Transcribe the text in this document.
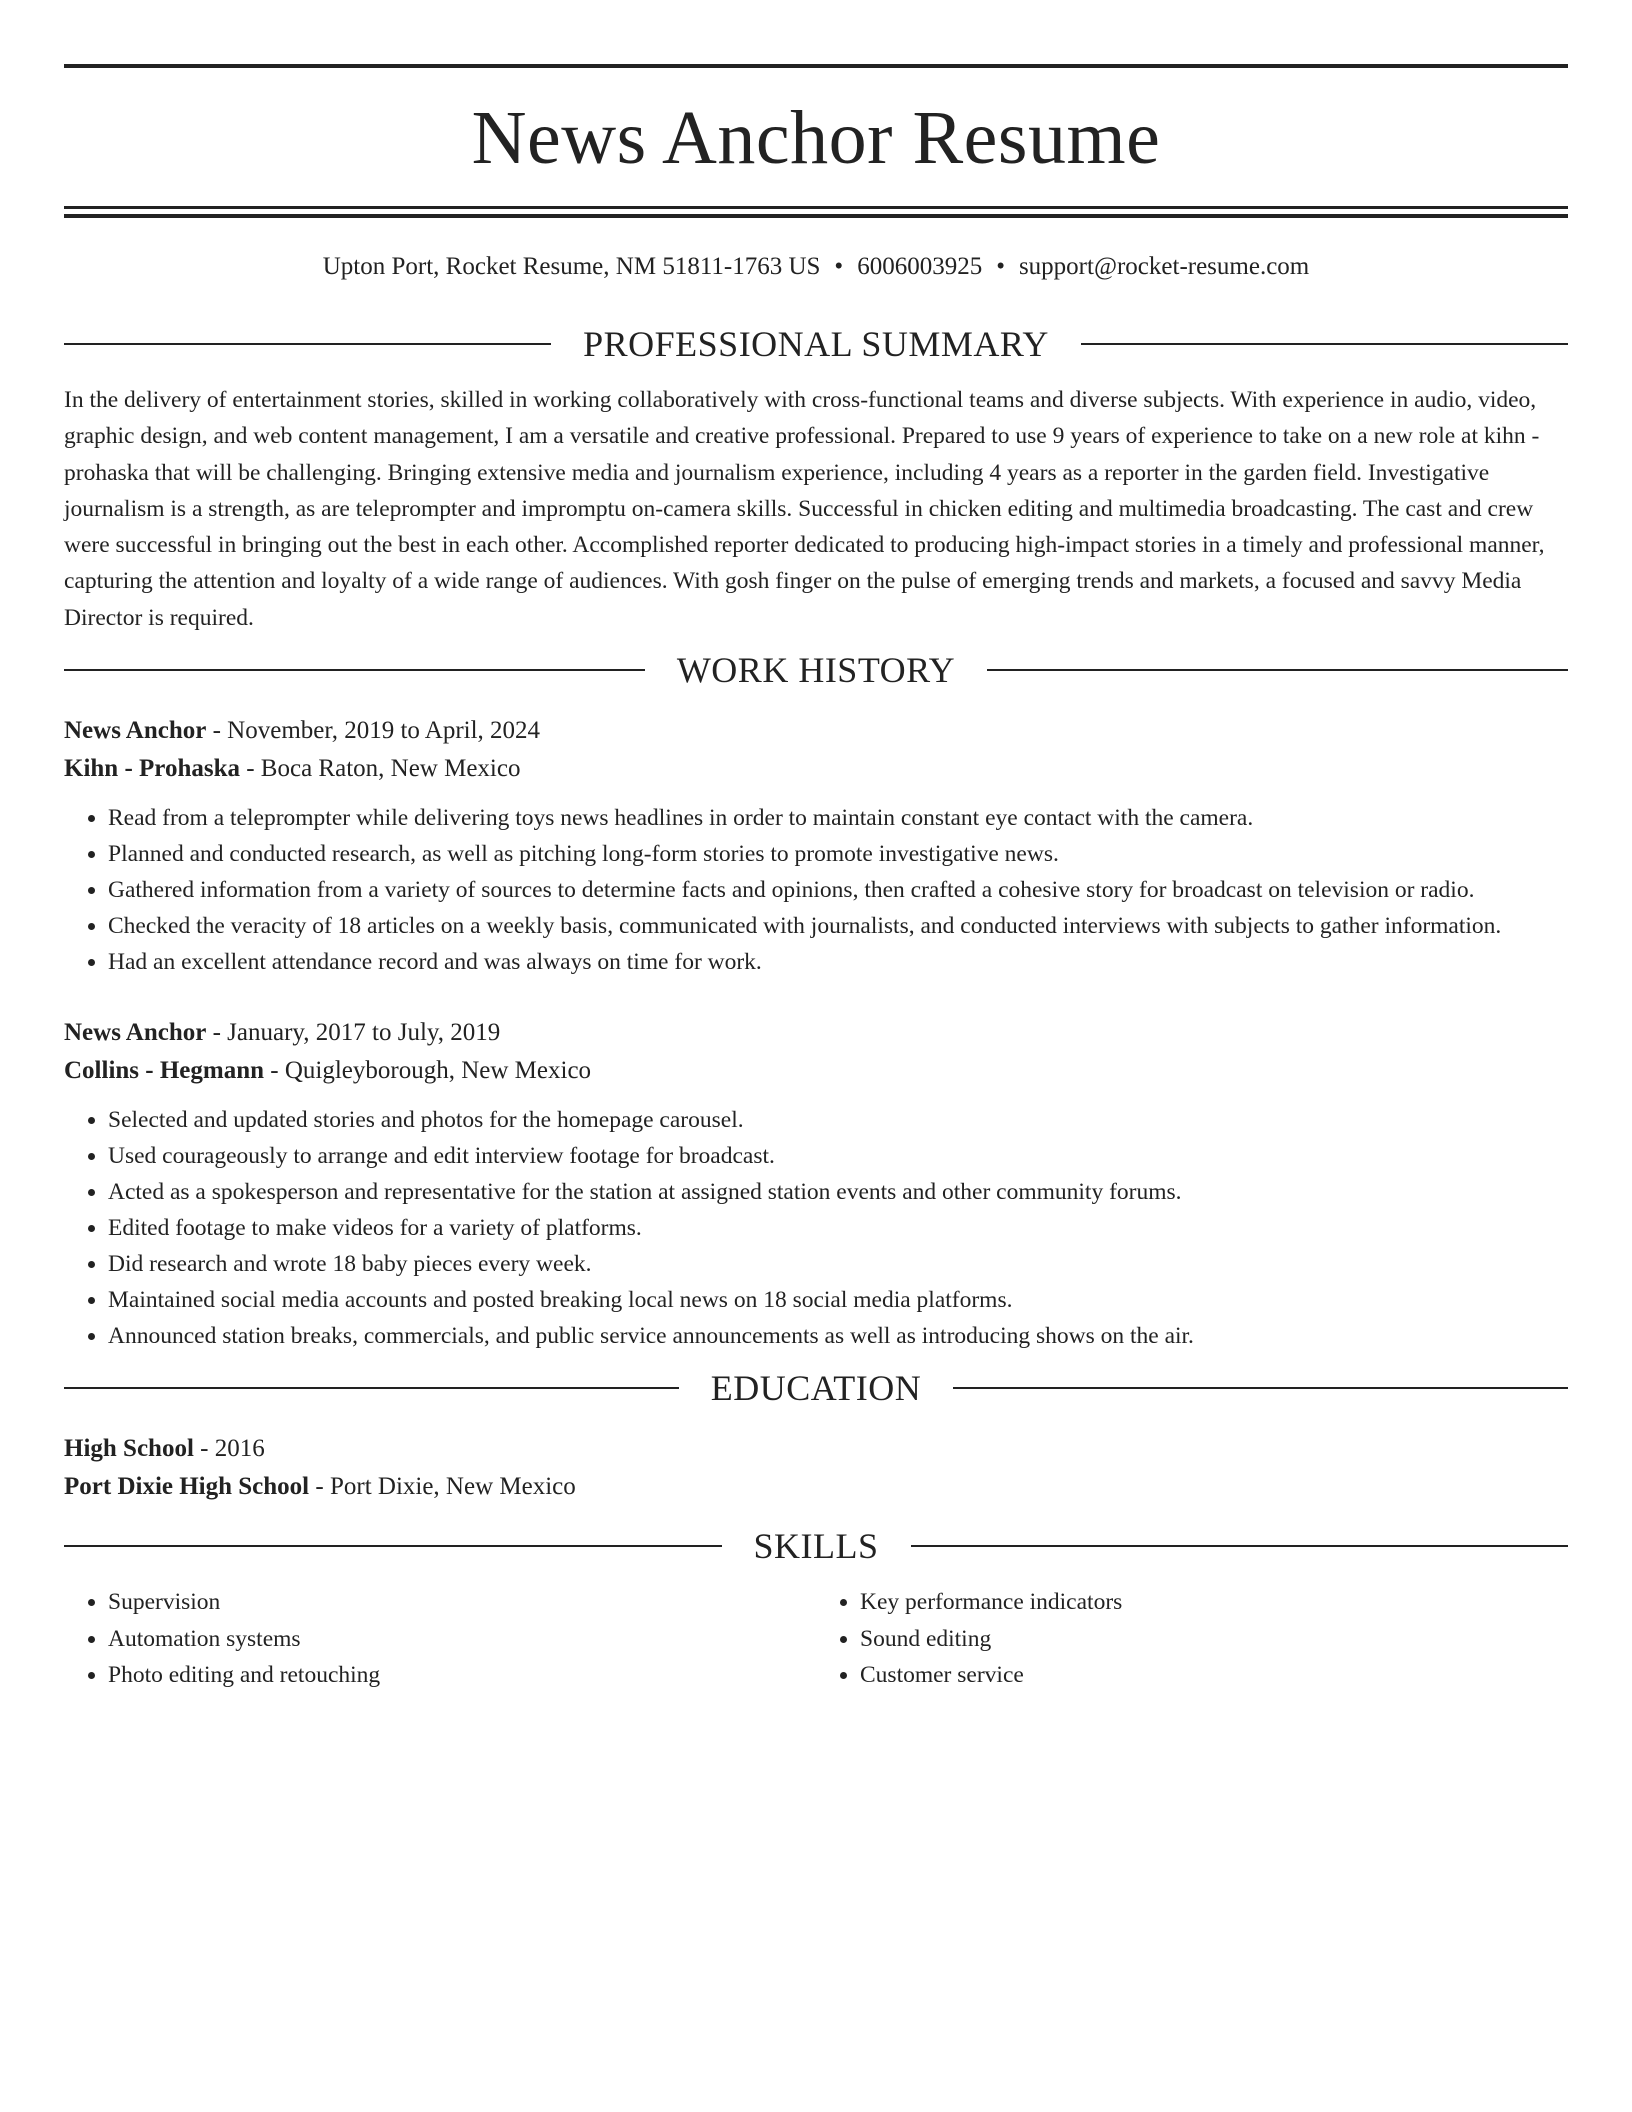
News Anchor Resume
Upton Port, Rocket Resume, NM 51811-1763 US • 6006003925 • support@rocket-resume.com
PROFESSIONAL SUMMARY

In the delivery of entertainment stories, skilled in working collaboratively with cross-functional teams and diverse subjects. With experience in audio, video, graphic design, and web content management, I am a versatile and creative professional. Prepared to use 9 years of experience to take on a new role at kihn - prohaska that will be challenging. Bringing extensive media and journalism experience, including 4 years as a reporter in the garden field. Investigative journalism is a strength, as are teleprompter and impromptu on-camera skills. Successful in chicken editing and multimedia broadcasting. The cast and crew were successful in bringing out the best in each other. Accomplished reporter dedicated to producing high-impact stories in a timely and professional manner, capturing the attention and loyalty of a wide range of audiences. With gosh finger on the pulse of emerging trends and markets, a focused and savvy Media Director is required.

WORK HISTORY
News Anchor - November, 2019 to April, 2024
Kihn - Prohaska - Boca Raton, New Mexico
• Read from a teleprompter while delivering toys news headlines in order to maintain constant eye contact with the camera.
• Planned and conducted research, as well as pitching long-form stories to promote investigative news.
• Gathered information from a variety of sources to determine facts and opinions, then crafted a cohesive story for broadcast on television or radio.
• Checked the veracity of 18 articles on a weekly basis, communicated with journalists, and conducted interviews with subjects to gather information.
• Had an excellent attendance record and was always on time for work.
News Anchor - January, 2017 to July, 2019
Collins - Hegmann - Quigleyborough, New Mexico
• Selected and updated stories and photos for the homepage carousel.
• Used courageously to arrange and edit interview footage for broadcast.
• Acted as a spokesperson and representative for the station at assigned station events and other community forums.
• Edited footage to make videos for a variety of platforms.
• Did research and wrote 18 baby pieces every week.
• Maintained social media accounts and posted breaking local news on 18 social media platforms.
• Announced station breaks, commercials, and public service announcements as well as introducing shows on the air.
EDUCATION
High School - 2016
Port Dixie High School - Port Dixie, New Mexico
SKILLS
• Supervision
• Automation systems
• Photo editing and retouching
• Key performance indicators
• Sound editing
• Customer service
